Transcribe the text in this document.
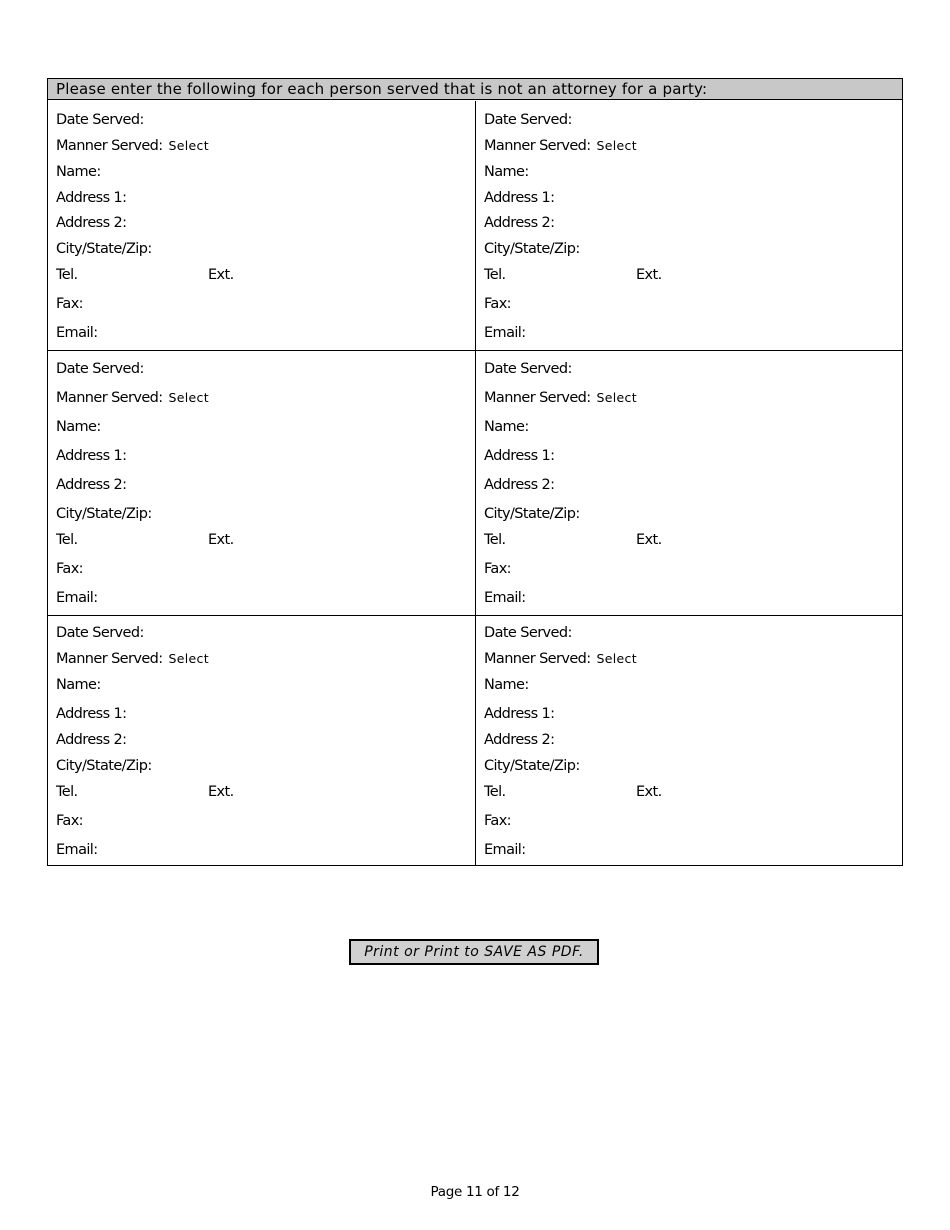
Please enter the following for each person served that is not an attorney for a party:
Date Served:
Manner Served: Select
Name:
Address 1:
Address 2:
City/State/Zip:
Tel.	Ext.
Fax:
Email:
Date Served:
Manner Served: Select
Name:
Address 1:
Address 2:
City/State/Zip:
Tel.	Ext.
Fax:
Email:
Date Served:
Manner Served: Select
Name:
Address 1:
Address 2:
City/State/Zip:
Tel.	Ext.
Fax:
Email:
Date Served:
Manner Served: Select
Name:
Address 1:
Address 2:
City/State/Zip:
Tel.	Ext.
Fax:
Email:
Date Served:
Manner Served: Select
Name:
Address 1:
Address 2:
City/State/Zip:
Tel.	Ext.
Fax:
Email:
Date Served:
Manner Served: Select
Name:
Address 1:
Address 2:
City/State/Zip:
Tel.	Ext.
Fax:
Email:
Print or Print to SAVE AS PDF.
Page 11 of 12
